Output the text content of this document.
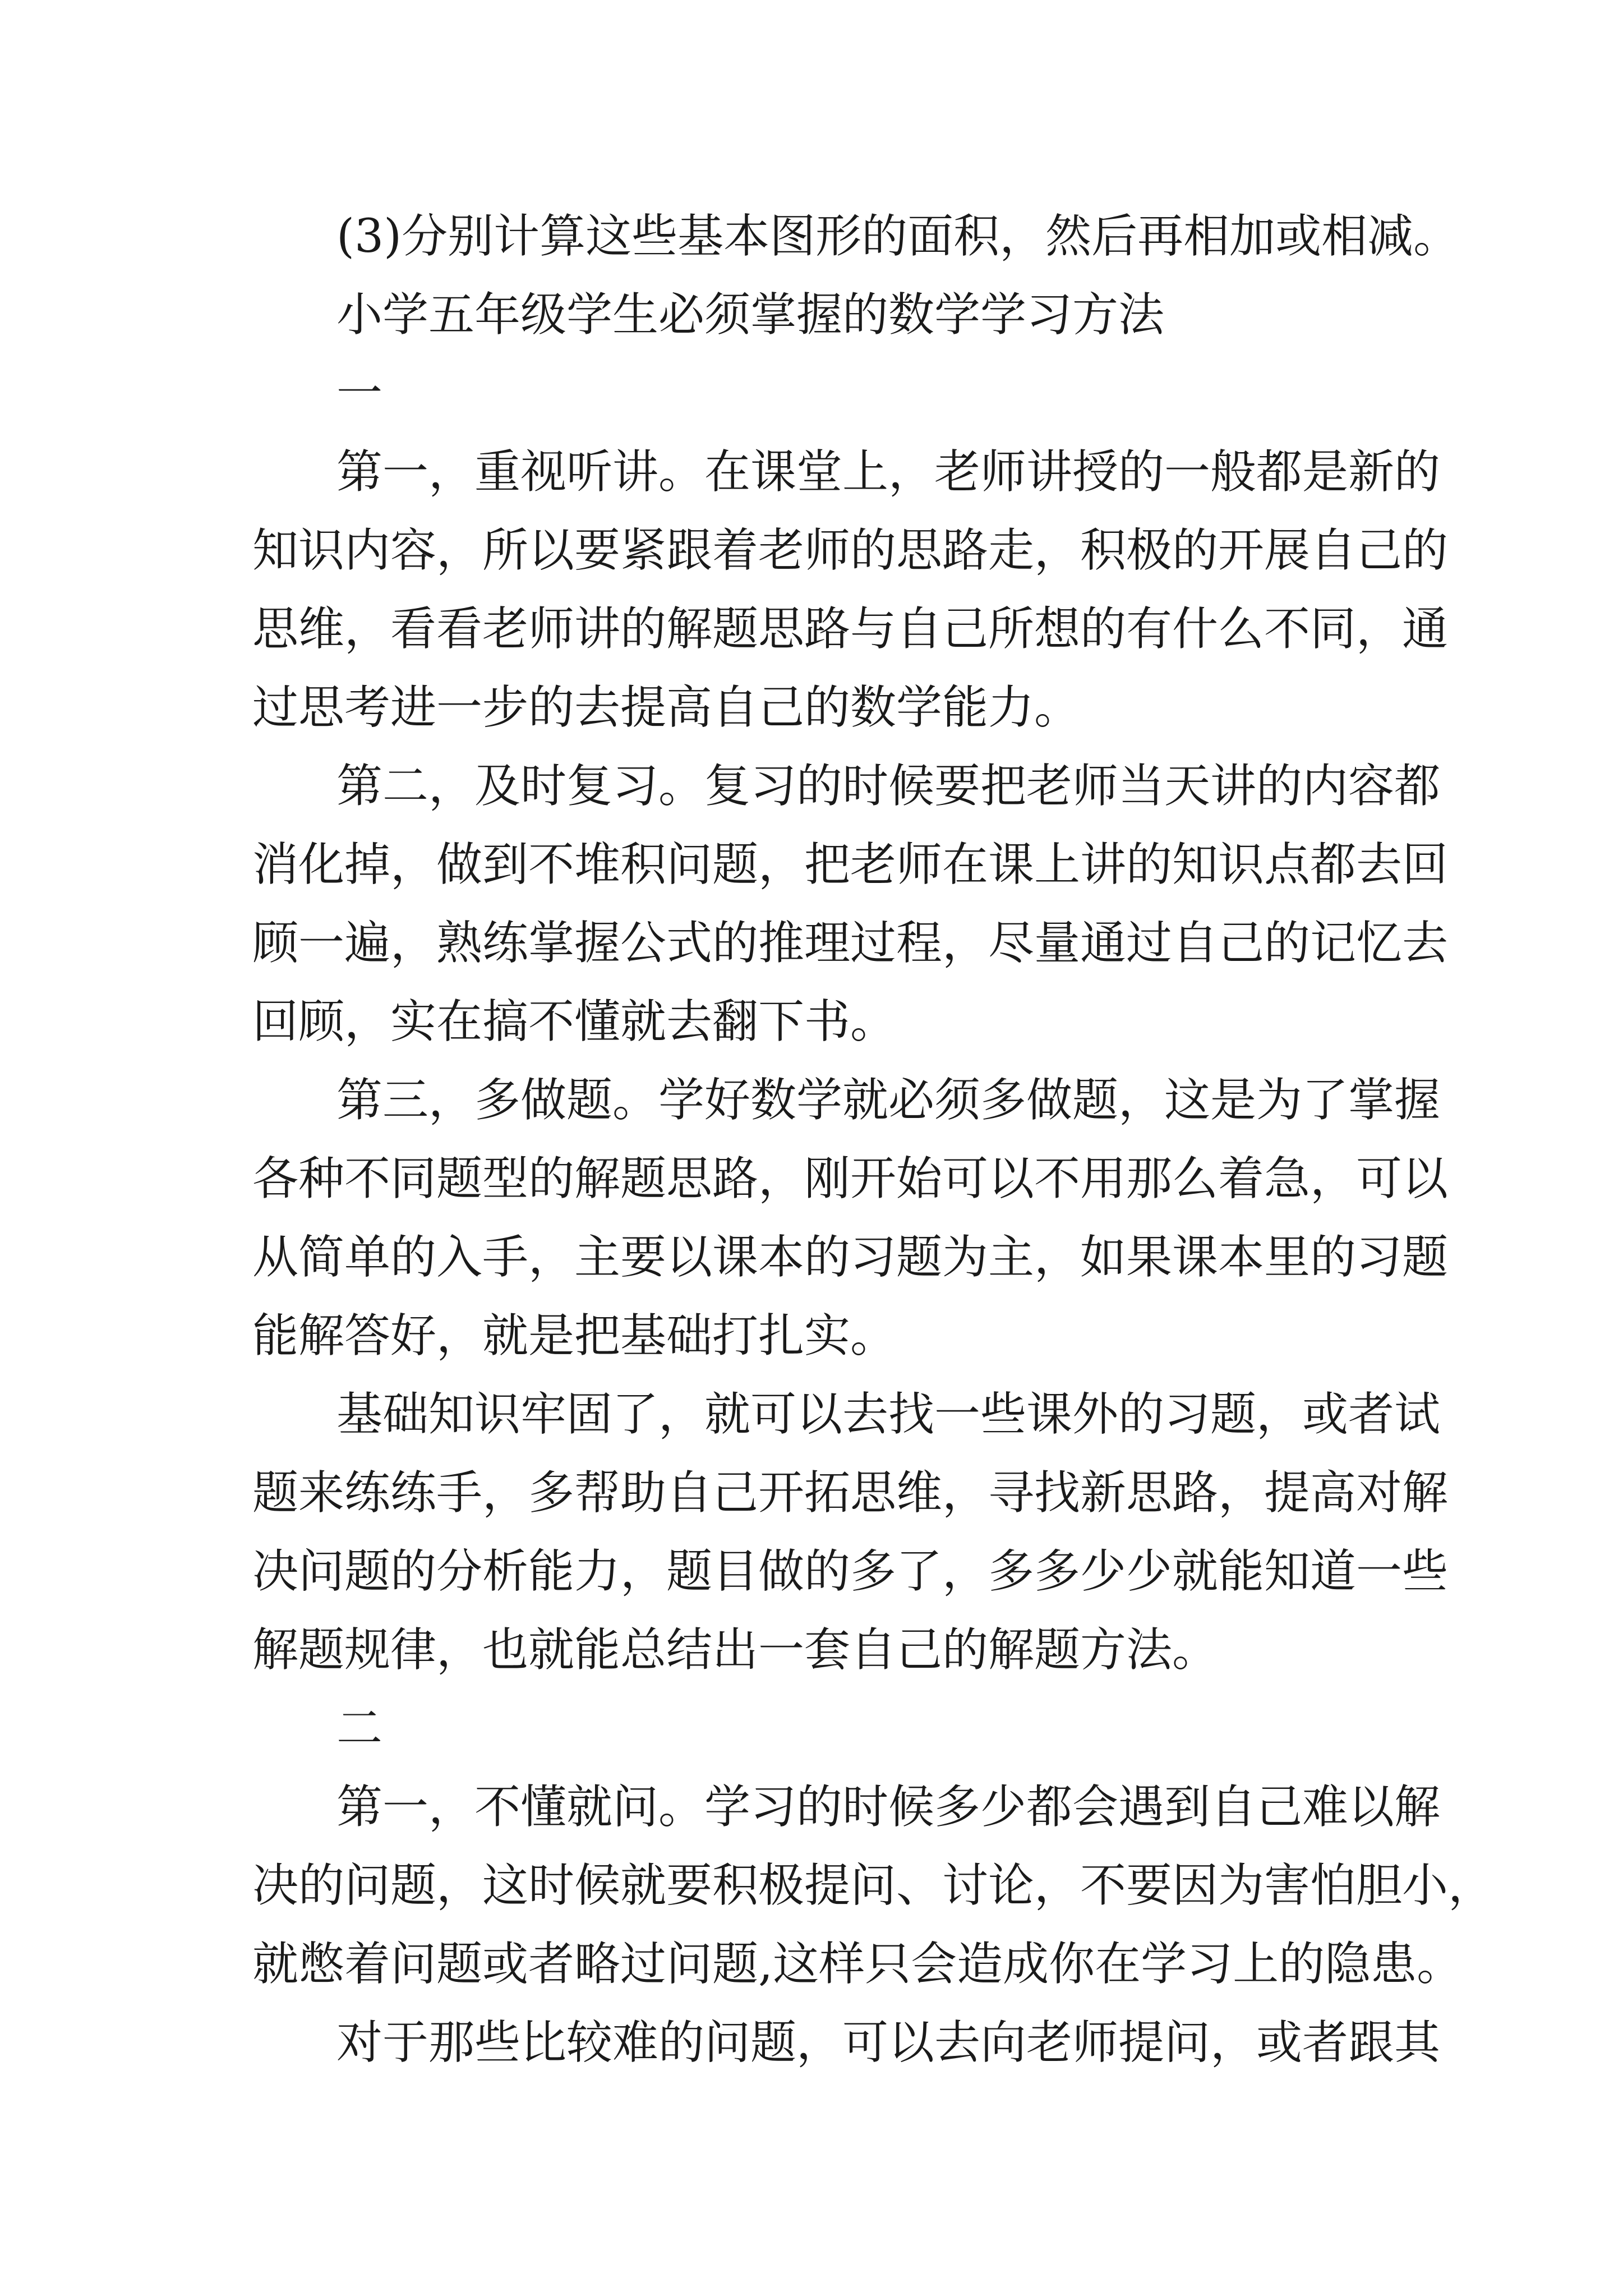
(3)分别计算这些基本图形的面积，然后再相加或相减。

小学五年级学生必须掌握的数学学习方法

一

第一，重视听讲。在课堂上，老师讲授的一般都是新的

知识内容，所以要紧跟着老师的思路走，积极的开展自己的

思维，看看老师讲的解题思路与自己所想的有什么不同，通

过思考进一步的去提高自己的数学能力。

第二，及时复习。复习的时候要把老师当天讲的内容都

消化掉，做到不堆积问题，把老师在课上讲的知识点都去回

顾一遍，熟练掌握公式的推理过程，尽量通过自己的记忆去

回顾，实在搞不懂就去翻下书。

第三，多做题。学好数学就必须多做题，这是为了掌握

各种不同题型的解题思路，刚开始可以不用那么着急，可以

从简单的入手，主要以课本的习题为主，如果课本里的习题

能解答好，就是把基础打扎实。

基础知识牢固了，就可以去找一些课外的习题，或者试

题来练练手，多帮助自己开拓思维，寻找新思路，提高对解

决问题的分析能力，题目做的多了，多多少少就能知道一些

解题规律，也就能总结出一套自己的解题方法。

二

第一，不懂就问。学习的时候多少都会遇到自己难以解

决的问题，这时候就要积极提问、讨论，不要因为害怕胆小，

就憋着问题或者略过问题,这样只会造成你在学习上的隐患。

对于那些比较难的问题，可以去向老师提问，或者跟其
